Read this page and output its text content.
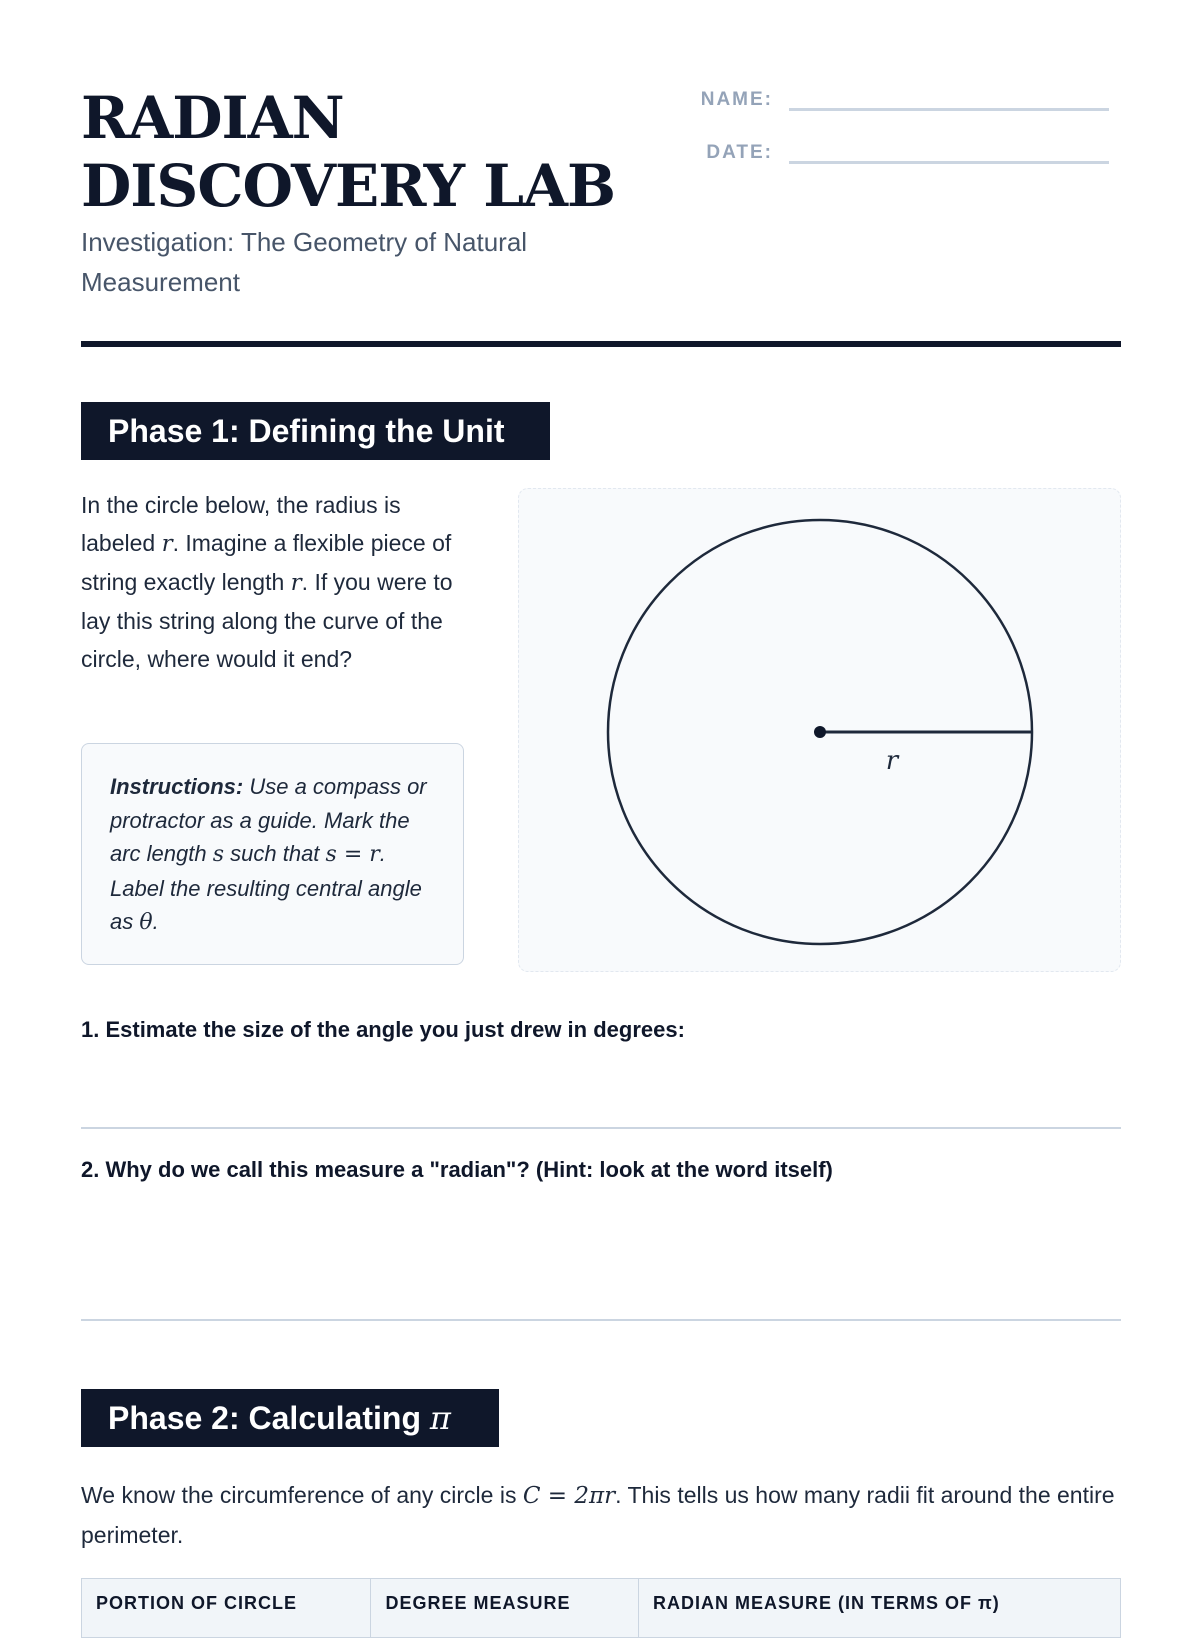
RADIAN DISCOVERY LAB

Investigation: The Geometry of Natural Measurement

NAME:
DATE:
Phase 1: Defining the Unit

In the circle below, the radius is labeled r. Imagine a flexible piece of string exactly length r. If you were to lay this string along the curve of the circle, where would it end?

Instructions: Use a compass or protractor as a guide. Mark the arc length s such that s = r. Label the resulting central angle as θ.
r

1. Estimate the size of the angle you just drew in degrees:

2. Why do we call this measure a "radian"? (Hint: look at the word itself)

Phase 2: Calculating π

We know the circumference of any circle is C = 2πr. This tells us how many radii fit around the entire perimeter.

PORTION OF CIRCLE	DEGREE MEASURE	RADIAN MEASURE (IN TERMS OF π)
